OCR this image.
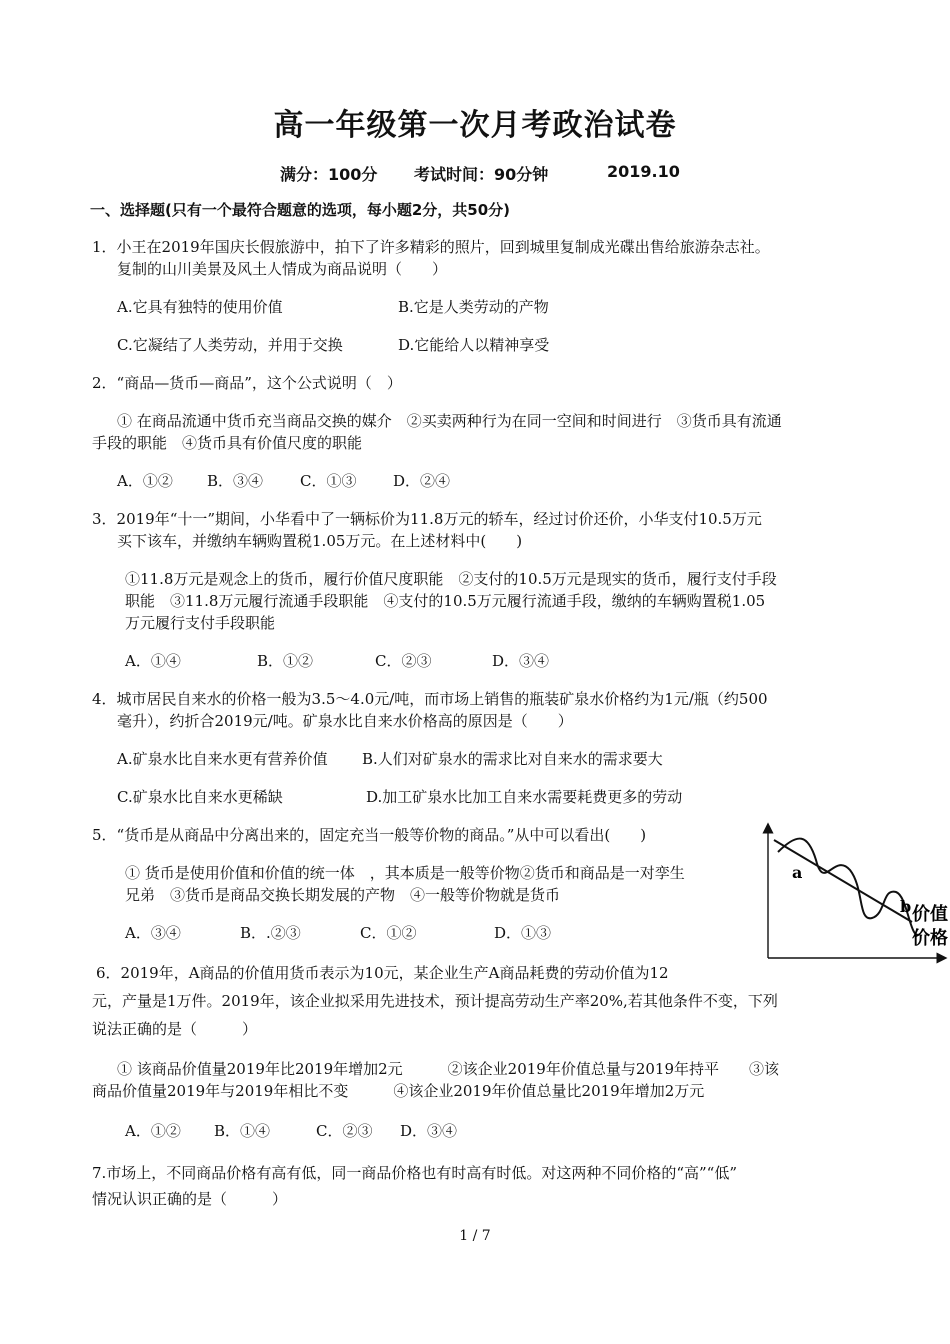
高一年级第一次月考政治试卷
满分：100分 考试时间：90分钟	2019.10
一、选择题(只有一个最符合题意的选项，每小题2分，共50分)
1．小王在2019年国庆长假旅游中，拍下了许多精彩的照片，回到城里复制成光碟出售给旅游杂志社。
复制的山川美景及风土人情成为商品说明（　　）
A.它具有独特的使用价值	B.它是人类劳动的产物
C.它凝结了人类劳动，并用于交换	D.它能给人以精神享受
2．“商品—货币—商品”，这个公式说明（　）
① 在商品流通中货币充当商品交换的媒介　②买卖两种行为在同一空间和时间进行　③货币具有流通
手段的职能　④货币具有价值尺度的职能
A．①② B．③④ C．①③ D．②④
3．2019年“十一”期间，小华看中了一辆标价为11.8万元的轿车，经过讨价还价，小华支付10.5万元
买下该车，并缴纳车辆购置税1.05万元。在上述材料中(　　)
①11.8万元是观念上的货币，履行价值尺度职能　②支付的10.5万元是现实的货币，履行支付手段
职能　③11.8万元履行流通手段职能　④支付的10.5万元履行流通手段，缴纳的车辆购置税1.05
万元履行支付手段职能
A．①④	B．①②	C．②③	D．③④
4．城市居民自来水的价格一般为3.5～4.0元/吨，而市场上销售的瓶装矿泉水价格约为1元/瓶（约500
毫升），约折合2019元/吨。矿泉水比自来水价格高的原因是（　　）
A.矿泉水比自来水更有营养价值 B.人们对矿泉水的需求比对自来水的需求要大
C.矿泉水比自来水更稀缺	D.加工矿泉水比加工自来水需要耗费更多的劳动
5．“货币是从商品中分离出来的，固定充当一般等价物的商品。”从中可以看出(　　)
① 货币是使用价值和价值的统一体　，其本质是一般等价物②货币和商品是一对孪生
兄弟　③货币是商品交换长期发展的产物　④一般等价物就是货币
A．③④	B．.②③	C．①②	D．①③
a
b 价值
价格
6．2019年，A商品的价值用货币表示为10元，某企业生产A商品耗费的劳动价值为12
元，产量是1万件。2019年，该企业拟采用先进技术，预计提高劳动生产率20%,若其他条件不变，下列
说法正确的是（　　　）
① 该商品价值量2019年比2019年增加2元　　　②该企业2019年价值总量与2019年持平　　③该
商品价值量2019年与2019年相比不变　　　④该企业2019年价值总量比2019年增加2万元
A．①② B．①④	C．②③ D．③④
7.市场上，不同商品价格有高有低，同一商品价格也有时高有时低。对这两种不同价格的“高”“低”
情况认识正确的是（　　　）
1 / 7
